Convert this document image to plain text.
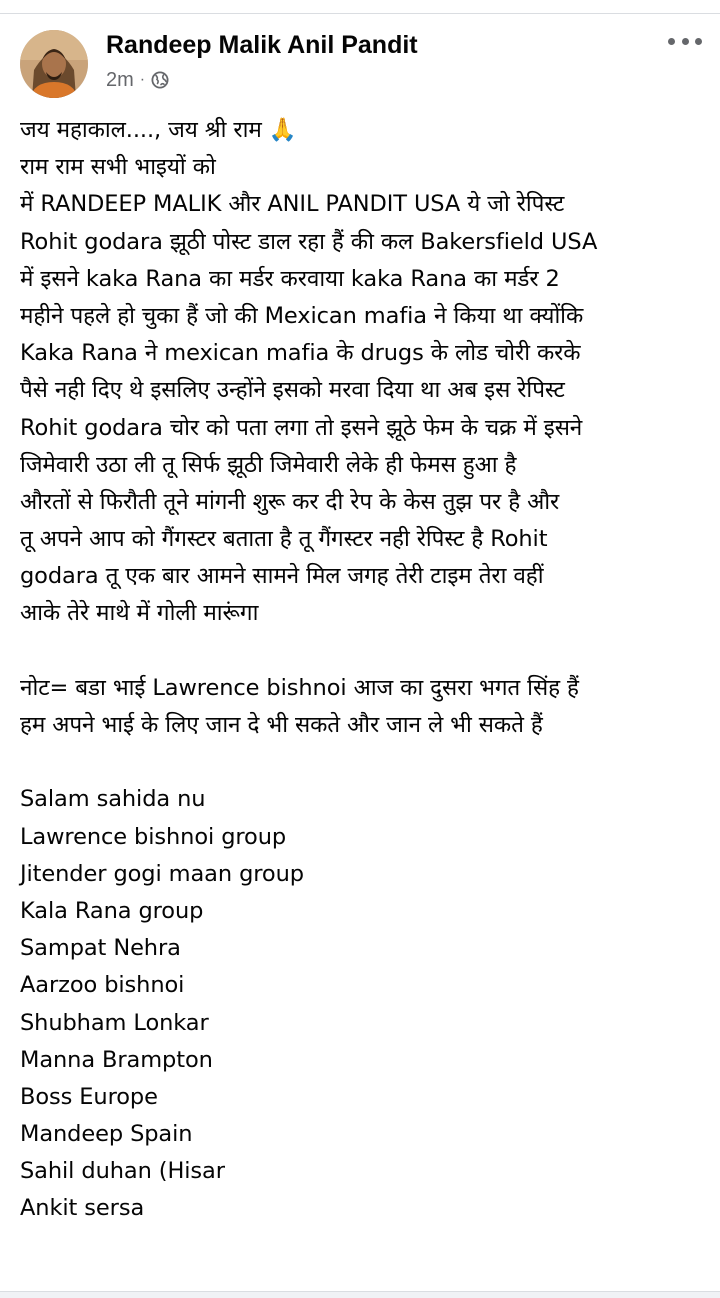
Randeep Malik Anil Pandit
2m ·
जय महाकाल...., जय श्री राम 🙏
राम राम सभी भाइयों को
में RANDEEP MALIK और ANIL PANDIT USA ये जो रेपिस्ट
Rohit godara झूठी पोस्ट डाल रहा हैं की कल Bakersfield USA
में इसने kaka Rana का मर्डर करवाया kaka Rana का मर्डर 2
महीने पहले हो चुका हैं जो की Mexican mafia ने किया था क्योंकि
Kaka Rana ने mexican mafia के drugs के लोड चोरी करके
पैसे नही दिए थे इसलिए उन्होंने इसको मरवा दिया था अब इस रेपिस्ट
Rohit godara चोर को पता लगा तो इसने झूठे फेम के चक्र में इसने
जिमेवारी उठा ली तू सिर्फ झूठी जिमेवारी लेके ही फेमस हुआ है
औरतों से फिरौती तूने मांगनी शुरू कर दी रेप के केस तुझ पर है और
तू अपने आप को गैंगस्टर बताता है तू गैंगस्टर नही रेपिस्ट है Rohit
godara तू एक बार आमने सामने मिल जगह तेरी टाइम तेरा वहीं
आके तेरे माथे में गोली मारूंगा
नोट= बडा भाई Lawrence bishnoi आज का दुसरा भगत सिंह हैं
हम अपने भाई के लिए जान दे भी सकते और जान ले भी सकते हैं
Salam sahida nu
Lawrence bishnoi group
Jitender gogi maan group
Kala Rana group
Sampat Nehra
Aarzoo bishnoi
Shubham Lonkar
Manna Brampton
Boss Europe
Mandeep Spain
Sahil duhan (Hisar
Ankit sersa
